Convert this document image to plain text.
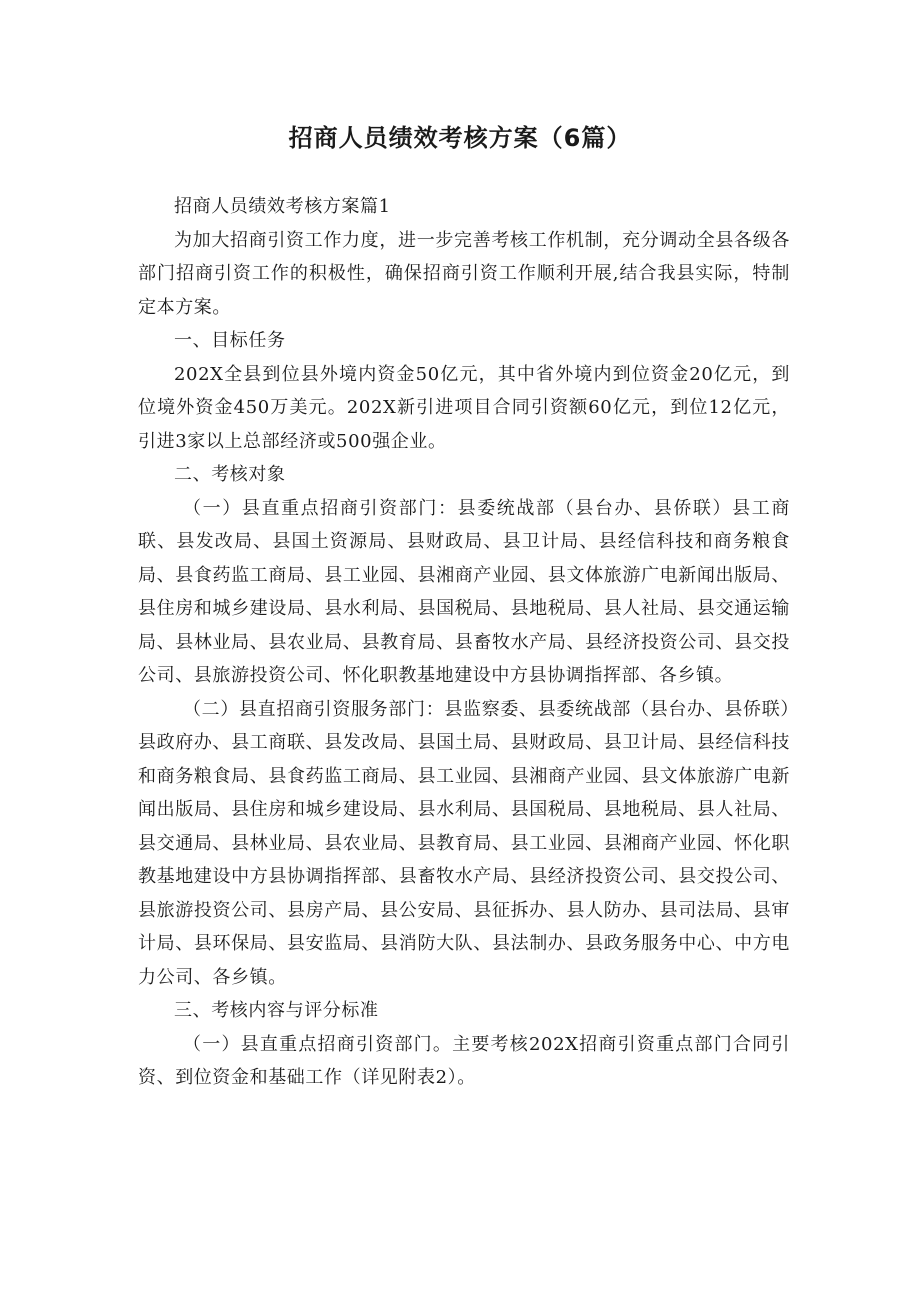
招商人员绩效考核方案（6篇）

招商人员绩效考核方案篇1

为加大招商引资工作力度，进一步完善考核工作机制，充分调动全县各级各部门招商引资工作的积极性，确保招商引资工作顺利开展,结合我县实际，特制定本方案。

一、目标任务

202X全县到位县外境内资金50亿元，其中省外境内到位资金20亿元，到位境外资金450万美元。202X新引进项目合同引资额60亿元，到位12亿元，引进3家以上总部经济或500强企业。

二、考核对象

（一）县直重点招商引资部门：县委统战部（县台办、县侨联）县工商联、县发改局、县国土资源局、县财政局、县卫计局、县经信科技和商务粮食局、县食药监工商局、县工业园、县湘商产业园、县文体旅游广电新闻出版局、县住房和城乡建设局、县水利局、县国税局、县地税局、县人社局、县交通运输局、县林业局、县农业局、县教育局、县畜牧水产局、县经济投资公司、县交投公司、县旅游投资公司、怀化职教基地建设中方县协调指挥部、各乡镇。

（二）县直招商引资服务部门：县监察委、县委统战部（县台办、县侨联）县政府办、县工商联、县发改局、县国土局、县财政局、县卫计局、县经信科技和商务粮食局、县食药监工商局、县工业园、县湘商产业园、县文体旅游广电新闻出版局、县住房和城乡建设局、县水利局、县国税局、县地税局、县人社局、县交通局、县林业局、县农业局、县教育局、县工业园、县湘商产业园、怀化职教基地建设中方县协调指挥部、县畜牧水产局、县经济投资公司、县交投公司、县旅游投资公司、县房产局、县公安局、县征拆办、县人防办、县司法局、县审计局、县环保局、县安监局、县消防大队、县法制办、县政务服务中心、中方电力公司、各乡镇。

三、考核内容与评分标准

（一）县直重点招商引资部门。主要考核202X招商引资重点部门合同引资、到位资金和基础工作（详见附表2）。
